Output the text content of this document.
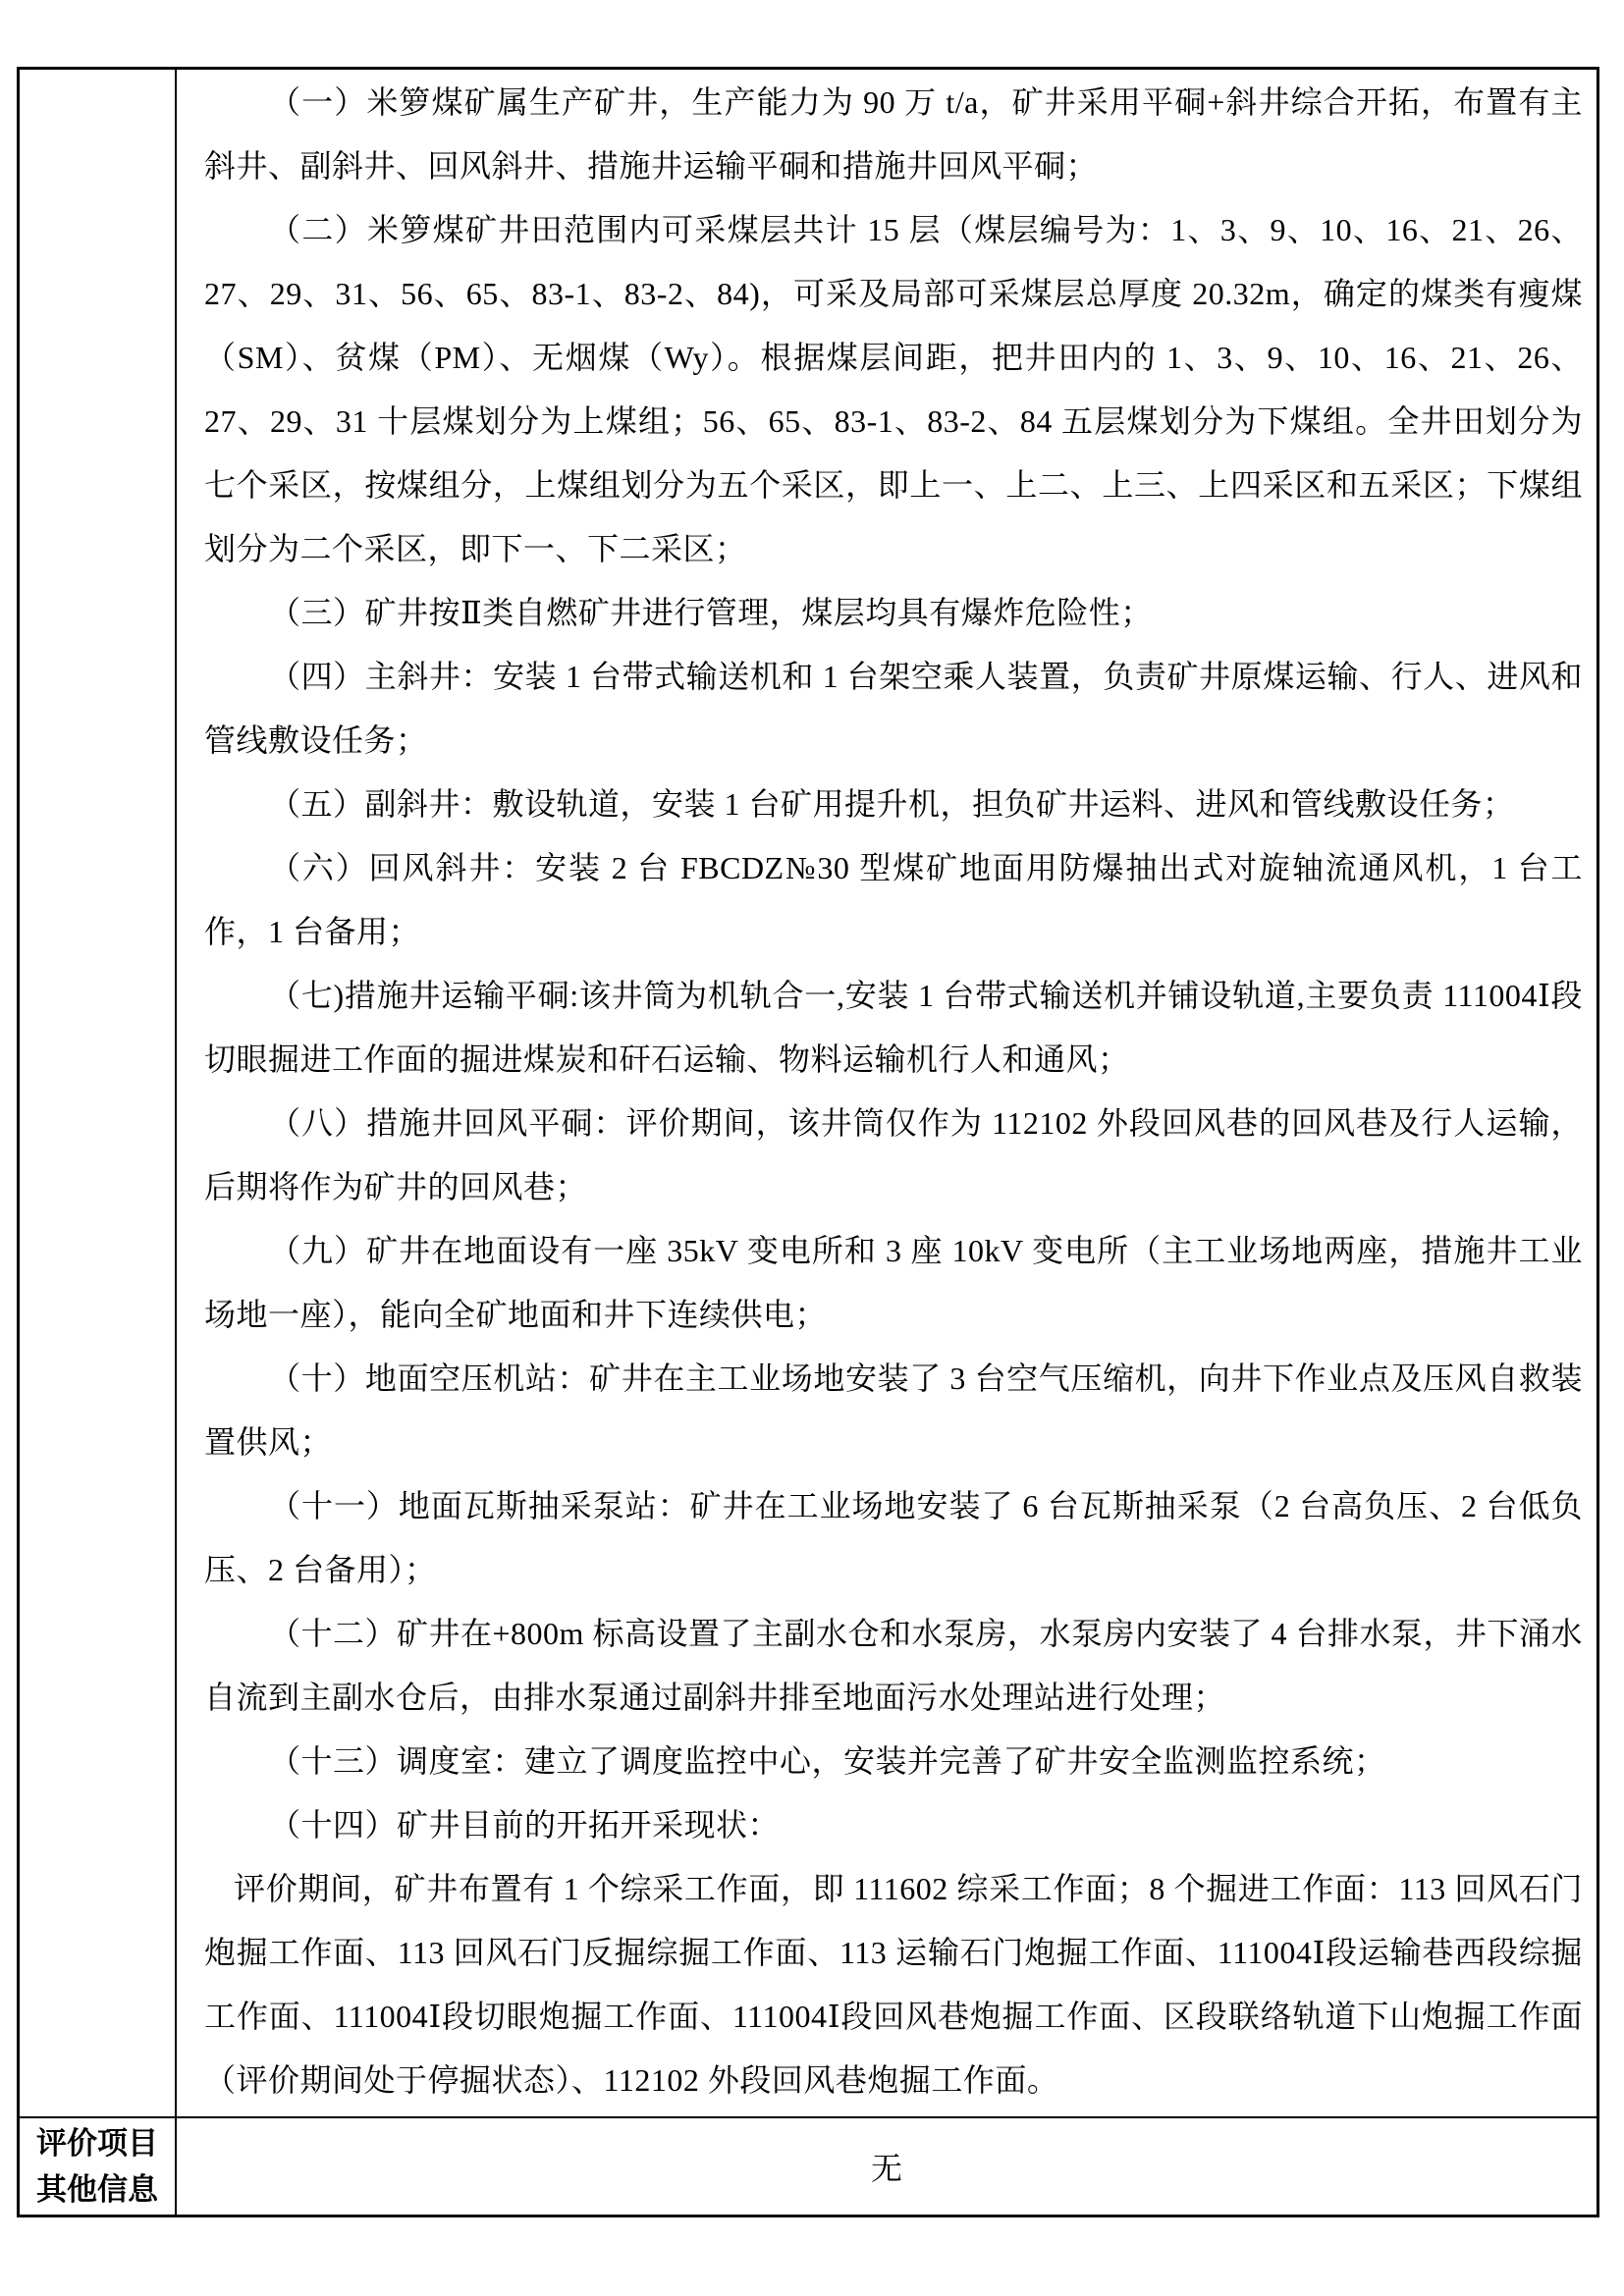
（一）米箩煤矿属生产矿井，生产能力为 90 万 t/a，矿井采用平硐+斜井综合开拓，布置有主斜井、副斜井、回风斜井、措施井运输平硐和措施井回风平硐；

（二）米箩煤矿井田范围内可采煤层共计 15 层（煤层编号为：1、3、9、10、16、21、26、27、29、31、56、65、83-1、83-2、84)，可采及局部可采煤层总厚度 20.32m，确定的煤类有瘦煤（SM）、贫煤（PM）、无烟煤（Wy）。根据煤层间距，把井田内的 1、3、9、10、16、21、26、27、29、31 十层煤划分为上煤组；56、65、83-1、83-2、84 五层煤划分为下煤组。全井田划分为七个采区，按煤组分，上煤组划分为五个采区，即上一、上二、上三、上四采区和五采区；下煤组划分为二个采区，即下一、下二采区；

（三）矿井按Ⅱ类自燃矿井进行管理，煤层均具有爆炸危险性；

（四）主斜井：安装 1 台带式输送机和 1 台架空乘人装置，负责矿井原煤运输、行人、进风和管线敷设任务；

（五）副斜井：敷设轨道，安装 1 台矿用提升机，担负矿井运料、进风和管线敷设任务；

（六）回风斜井：安装 2 台 FBCDZ№30 型煤矿地面用防爆抽出式对旋轴流通风机，1 台工作，1 台备用；

（七)措施井运输平硐:该井筒为机轨合一,安装 1 台带式输送机并铺设轨道,主要负责 111004Ⅰ段切眼掘进工作面的掘进煤炭和矸石运输、物料运输机行人和通风；

（八）措施井回风平硐：评价期间，该井筒仅作为 112102 外段回风巷的回风巷及行人运输，后期将作为矿井的回风巷；

（九）矿井在地面设有一座 35kV 变电所和 3 座 10kV 变电所（主工业场地两座，措施井工业场地一座），能向全矿地面和井下连续供电；

（十）地面空压机站：矿井在主工业场地安装了 3 台空气压缩机，向井下作业点及压风自救装置供风；

（十一）地面瓦斯抽采泵站：矿井在工业场地安装了 6 台瓦斯抽采泵（2 台高负压、2 台低负压、2 台备用）；

（十二）矿井在+800m 标高设置了主副水仓和水泵房，水泵房内安装了 4 台排水泵，井下涌水自流到主副水仓后，由排水泵通过副斜井排至地面污水处理站进行处理；

（十三）调度室：建立了调度监控中心，安装并完善了矿井安全监测监控系统；

（十四）矿井目前的开拓开采现状：

评价期间，矿井布置有 1 个综采工作面，即 111602 综采工作面；8 个掘进工作面：113 回风石门炮掘工作面、113 回风石门反掘综掘工作面、113 运输石门炮掘工作面、111004Ⅰ段运输巷西段综掘工作面、111004Ⅰ段切眼炮掘工作面、111004Ⅰ段回风巷炮掘工作面、区段联络轨道下山炮掘工作面（评价期间处于停掘状态）、112102 外段回风巷炮掘工作面。

评价项目
其他信息
无
